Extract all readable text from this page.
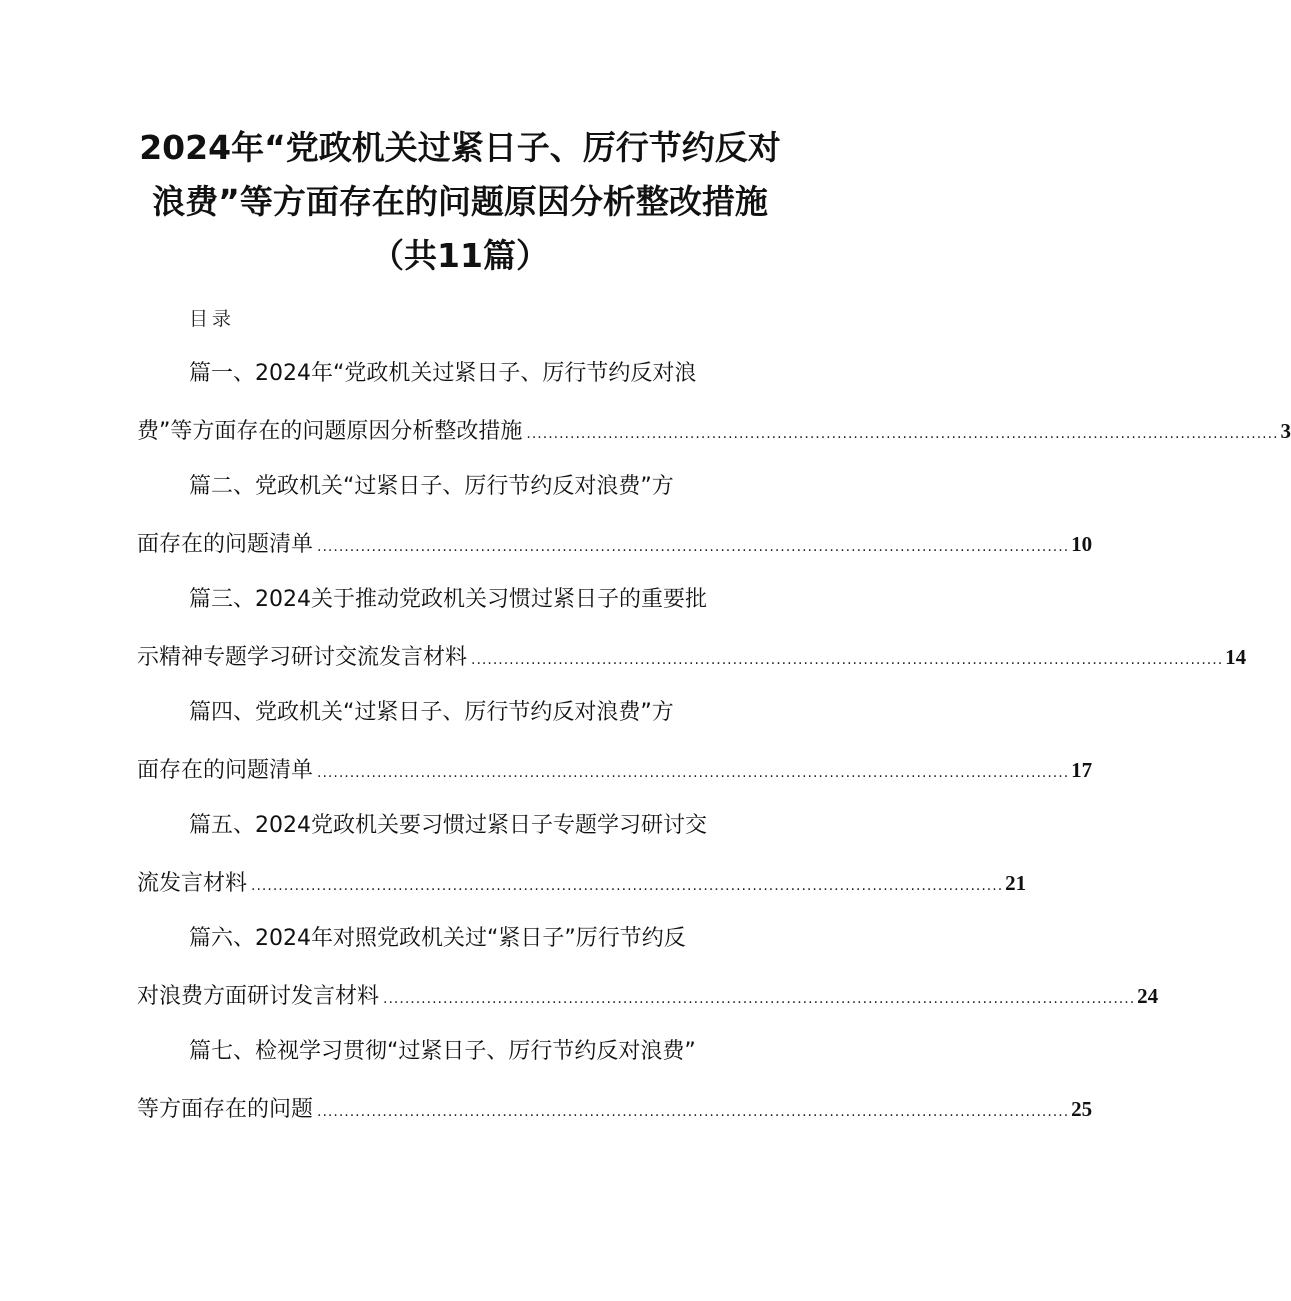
2024年“党政机关过紧日子、厉行节约反对
浪费”等方面存在的问题原因分析整改措施
（共11篇）
目录
篇一、2024年“党政机关过紧日子、厉行节约反对浪
费”等方面存在的问题原因分析整改措施 .......................................................................................................................................... 3
篇二、党政机关“过紧日子、厉行节约反对浪费”方
面存在的问题清单 .......................................................................................................................................... 10
篇三、2024关于推动党政机关习惯过紧日子的重要批
示精神专题学习研讨交流发言材料 .......................................................................................................................................... 14
篇四、党政机关“过紧日子、厉行节约反对浪费”方
面存在的问题清单 .......................................................................................................................................... 17
篇五、2024党政机关要习惯过紧日子专题学习研讨交
流发言材料 .......................................................................................................................................... 21
篇六、2024年对照党政机关过“紧日子”厉行节约反
对浪费方面研讨发言材料 .......................................................................................................................................... 24
篇七、检视学习贯彻“过紧日子、厉行节约反对浪费”
等方面存在的问题 .......................................................................................................................................... 25
